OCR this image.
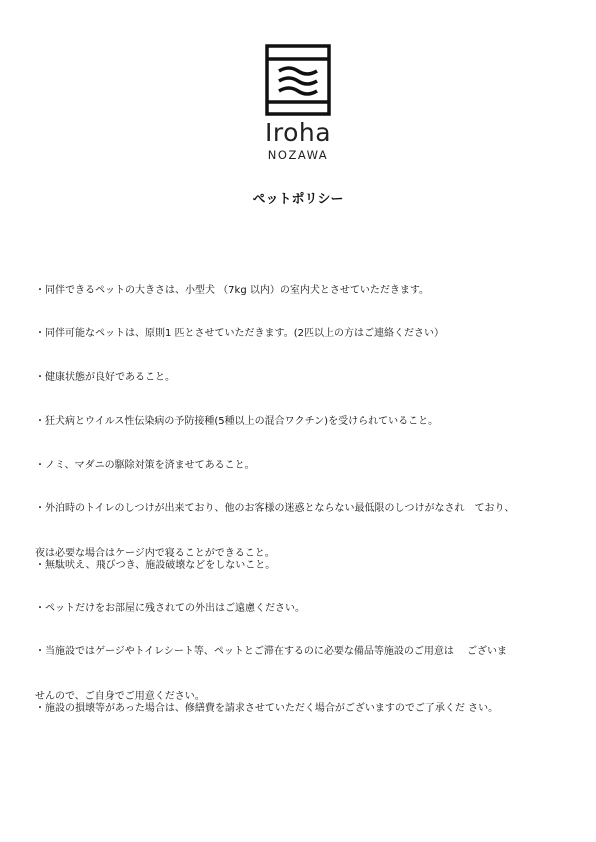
Iroha
NOZAWA
ペットポリシー

・同伴できるペットの大きさは、小型犬 （7kg 以内）の室内犬とさせていただきます。

・同伴可能なペットは、原則1 匹とさせていただきます。(2匹以上の方はご連絡ください）

・健康状態が良好であること。

・狂犬病とウイルス性伝染病の予防接種(5種以上の混合ワクチン)を受けられていること。

・ノミ、マダニの駆除対策を済ませてあること。

・外泊時のトイレのしつけが出来ており、他のお客様の迷惑とならない最低限のしつけがなされ　ており、

夜は必要な場合はケージ内で寝ることができること。

・無駄吠え、飛びつき、施設破壊などをしないこと。

・ペットだけをお部屋に残されての外出はご遠慮ください。

・当施設ではゲージやトイレシート等、ペットとご滞在するのに必要な備品等施設のご用意は　 ございま

せんので、ご自身でご用意ください。

・施設の損壊等があった場合は、修繕費を請求させていただく場合がございますのでご了承くだ さい。
